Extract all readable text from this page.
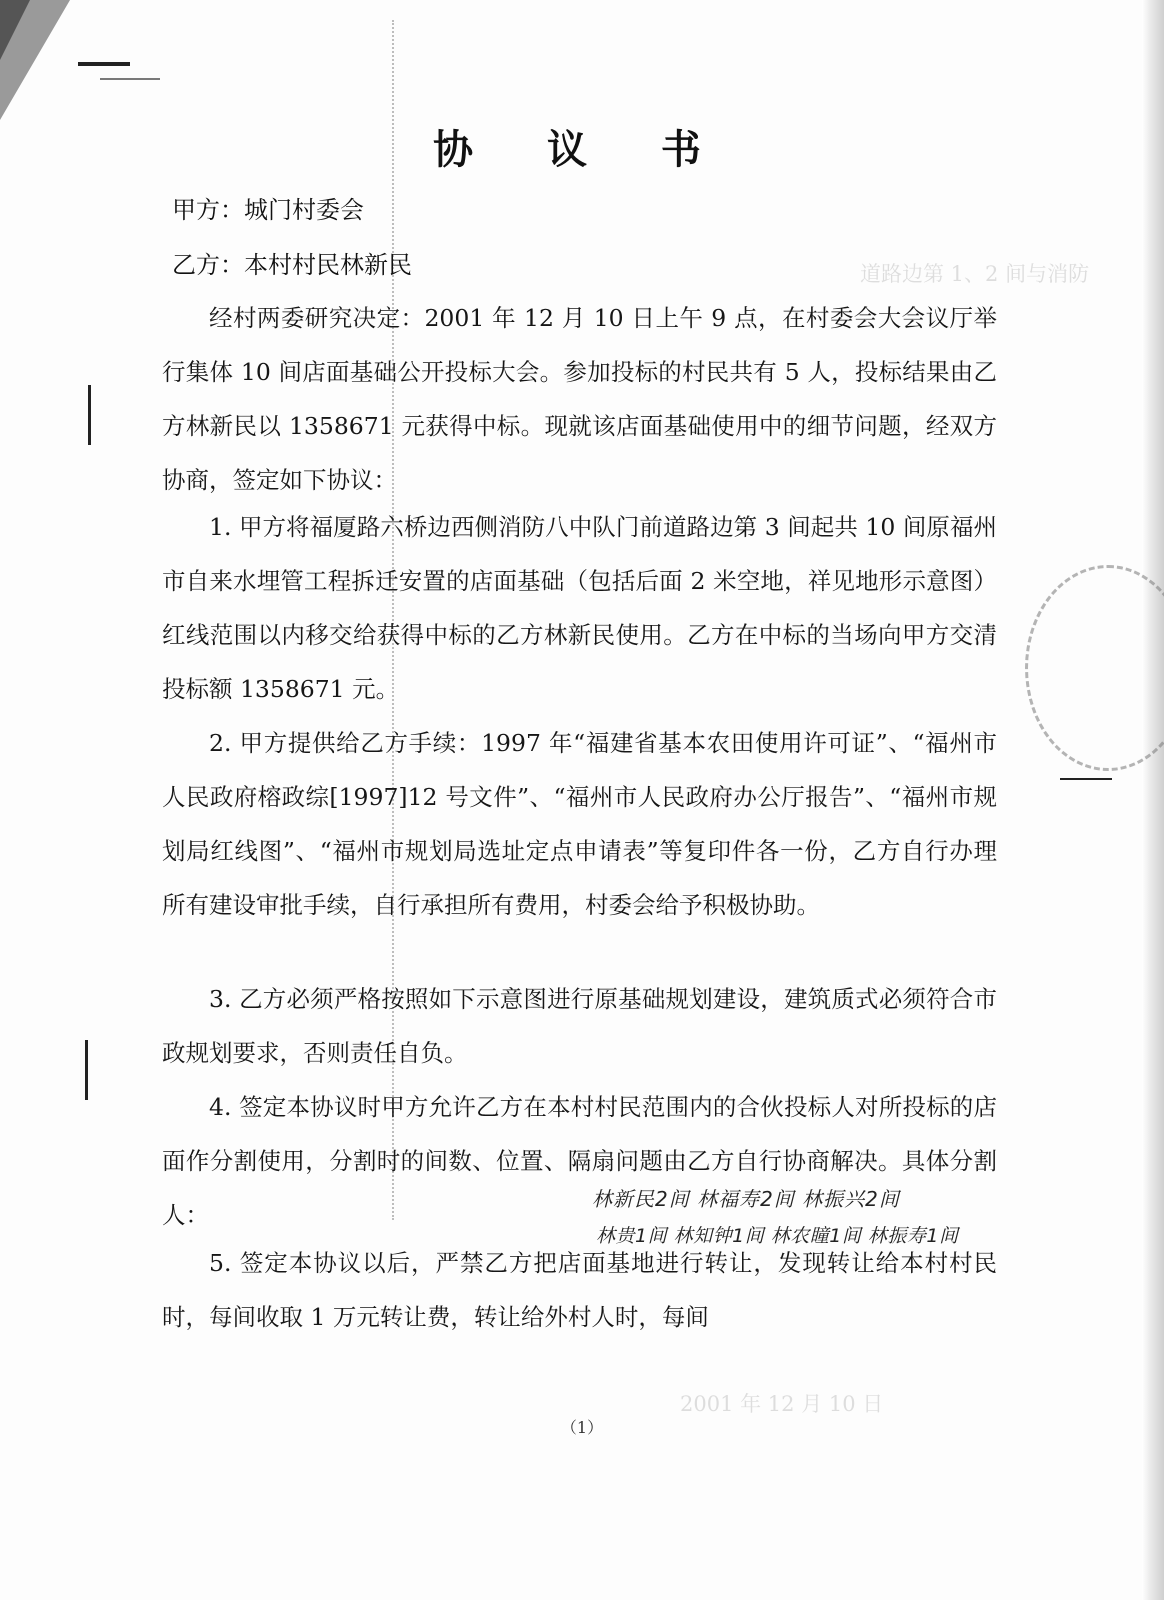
道路边第 1、2 间与消防
2001 年 12 月 10 日
协 议 书
甲方：城门村委会
乙方：本村村民林新民
经村两委研究决定：2001 年 12 月 10 日上午 9 点，在村委会大会议厅举行集体 10 间店面基础公开投标大会。参加投标的村民共有 5 人，投标结果由乙方林新民以 1358671 元获得中标。现就该店面基础使用中的细节问题，经双方协商，签定如下协议：
1. 甲方将福厦路六桥边西侧消防八中队门前道路边第 3 间起共 10 间原福州市自来水埋管工程拆迁安置的店面基础（包括后面 2 米空地，祥见地形示意图）红线范围以内移交给获得中标的乙方林新民使用。乙方在中标的当场向甲方交清投标额 1358671 元。
2. 甲方提供给乙方手续：1997 年“福建省基本农田使用许可证”、“福州市人民政府榕政综[1997]12 号文件”、“福州市人民政府办公厅报告”、“福州市规划局红线图”、“福州市规划局选址定点申请表”等复印件各一份，乙方自行办理所有建设审批手续，自行承担所有费用，村委会给予积极协助。
3. 乙方必须严格按照如下示意图进行原基础规划建设，建筑质式必须符合市政规划要求，否则责任自负。
4. 签定本协议时甲方允许乙方在本村村民范围内的合伙投标人对所投标的店面作分割使用，分割时的间数、位置、隔扇问题由乙方自行协商解决。具体分割人：
林新民2间 林福寿2间 林振兴2间
林贵1间 林知钟1间 林农瞳1间 林振寿1间
5. 签定本协议以后，严禁乙方把店面基地进行转让，发现转让给本村村民时，每间收取 1 万元转让费，转让给外村人时，每间
（1）
